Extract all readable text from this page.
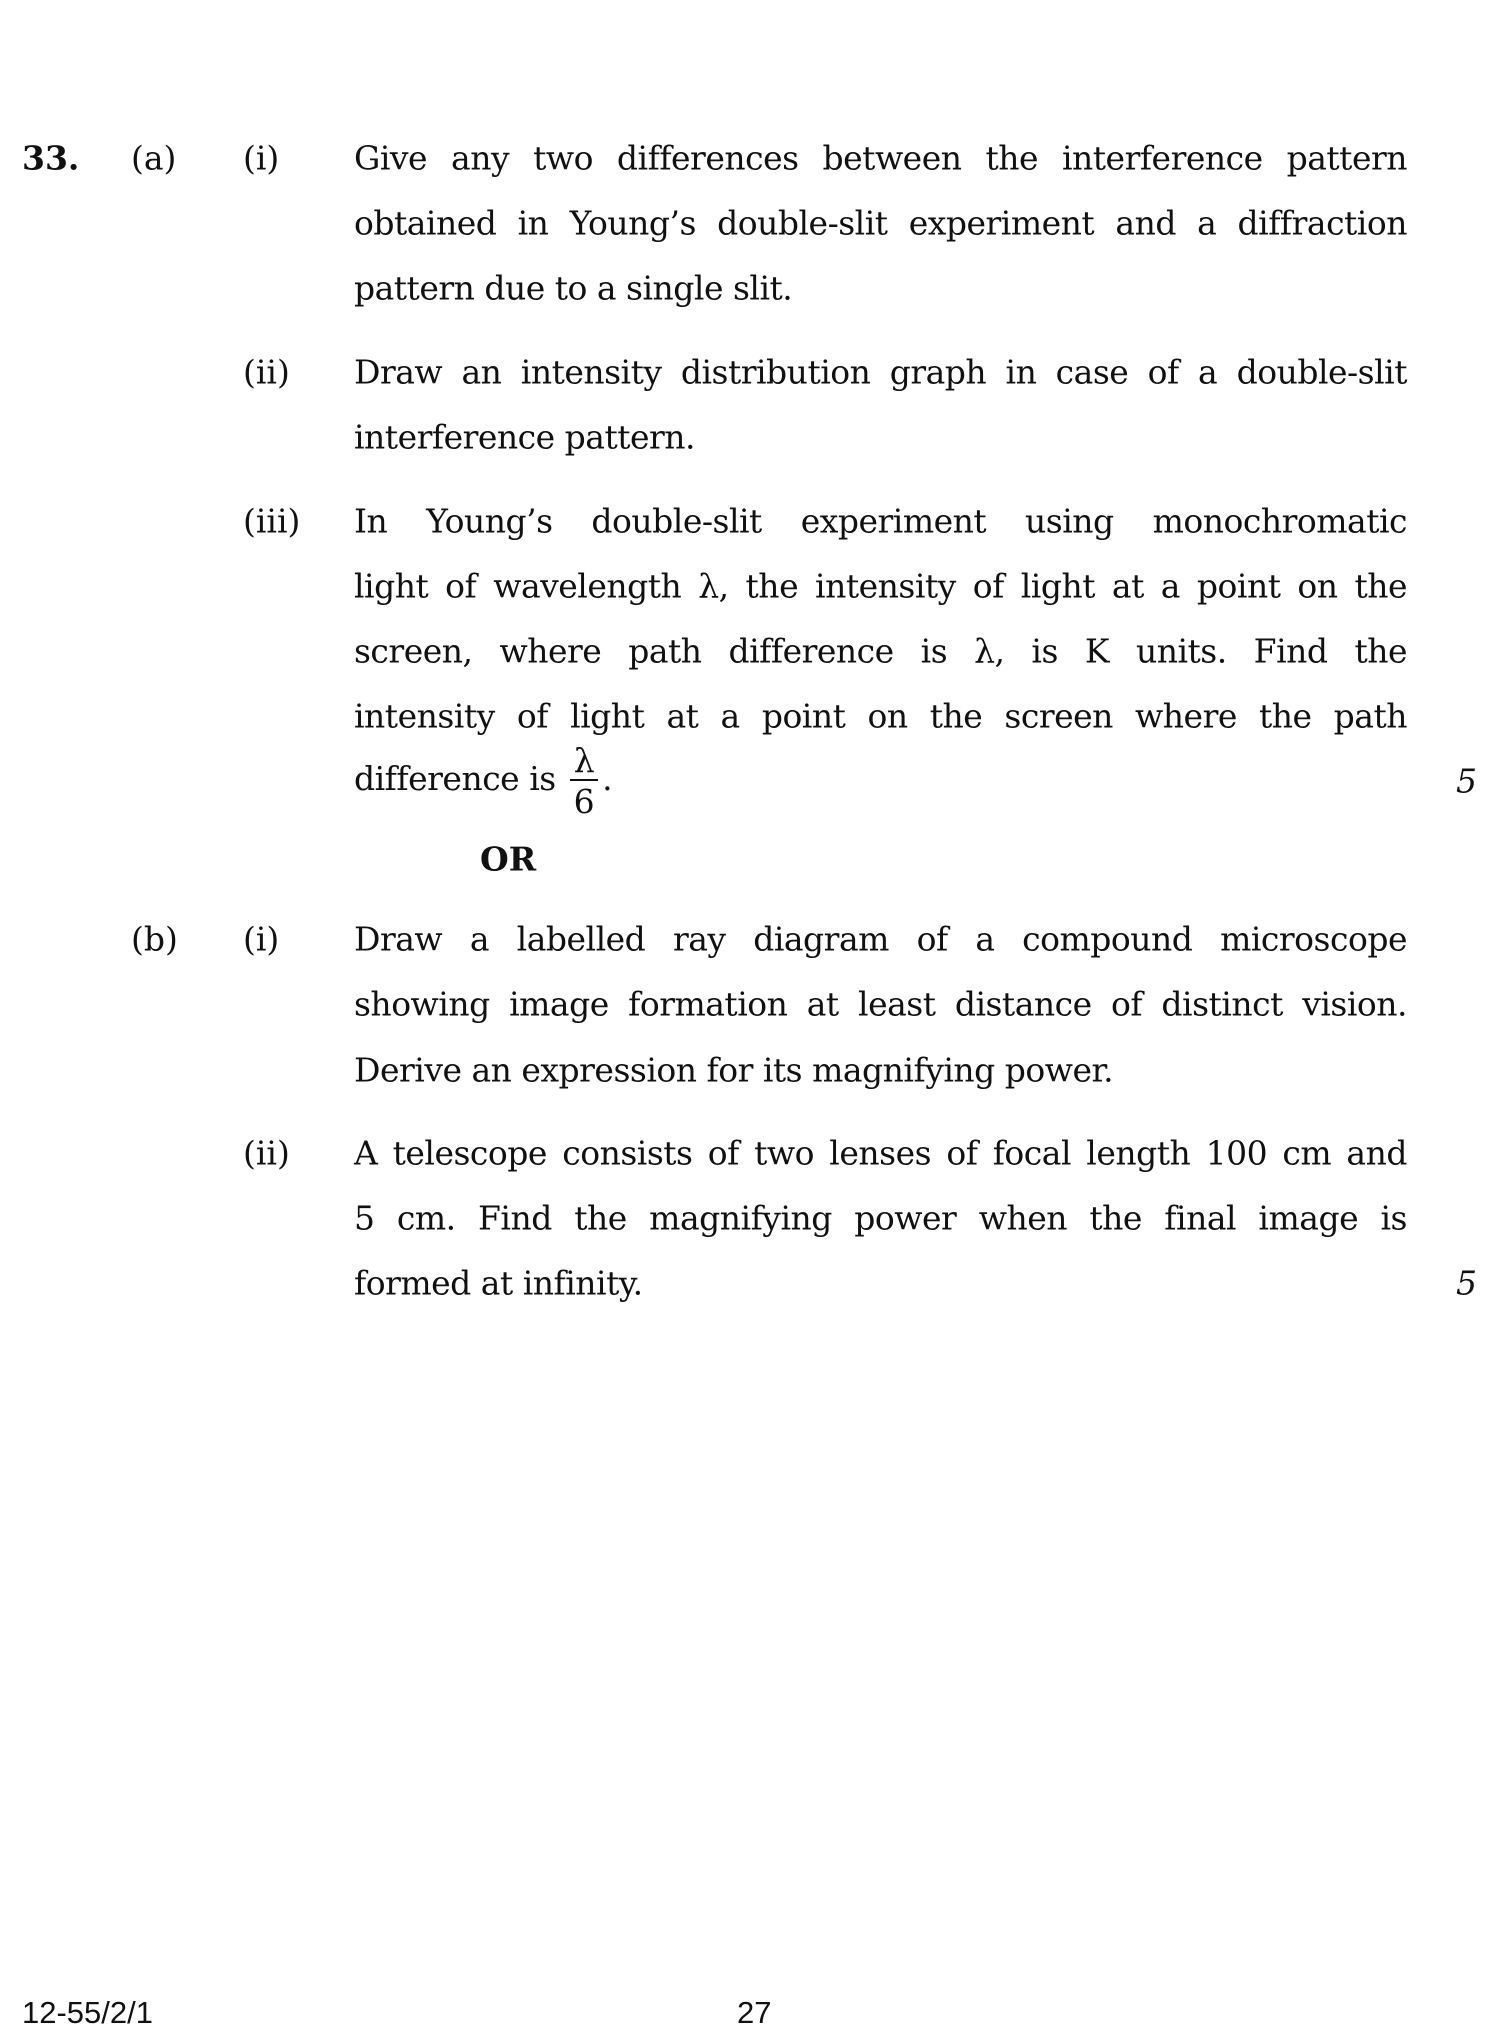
33. (a) (i) Give any two differences between the interference pattern
obtained in Young’s double-slit experiment and a diffraction
pattern due to a single slit.
(ii) Draw an intensity distribution graph in case of a double-slit
interference pattern.
(iii) In Young’s double-slit experiment using monochromatic
light of wavelength λ, the intensity of light at a point on the
screen, where path difference is λ, is K units. Find the
intensity of light at a point on the screen where the path
difference is $\frac{\lambda}{6}$ .	5
OR
(b) (i) Draw a labelled ray diagram of a compound microscope
showing image formation at least distance of distinct vision.
Derive an expression for its magnifying power.
(ii) A telescope consists of two lenses of focal length 100 cm and
5 cm. Find the magnifying power when the final image is
formed at infinity.	5
12-55/2/1	27
